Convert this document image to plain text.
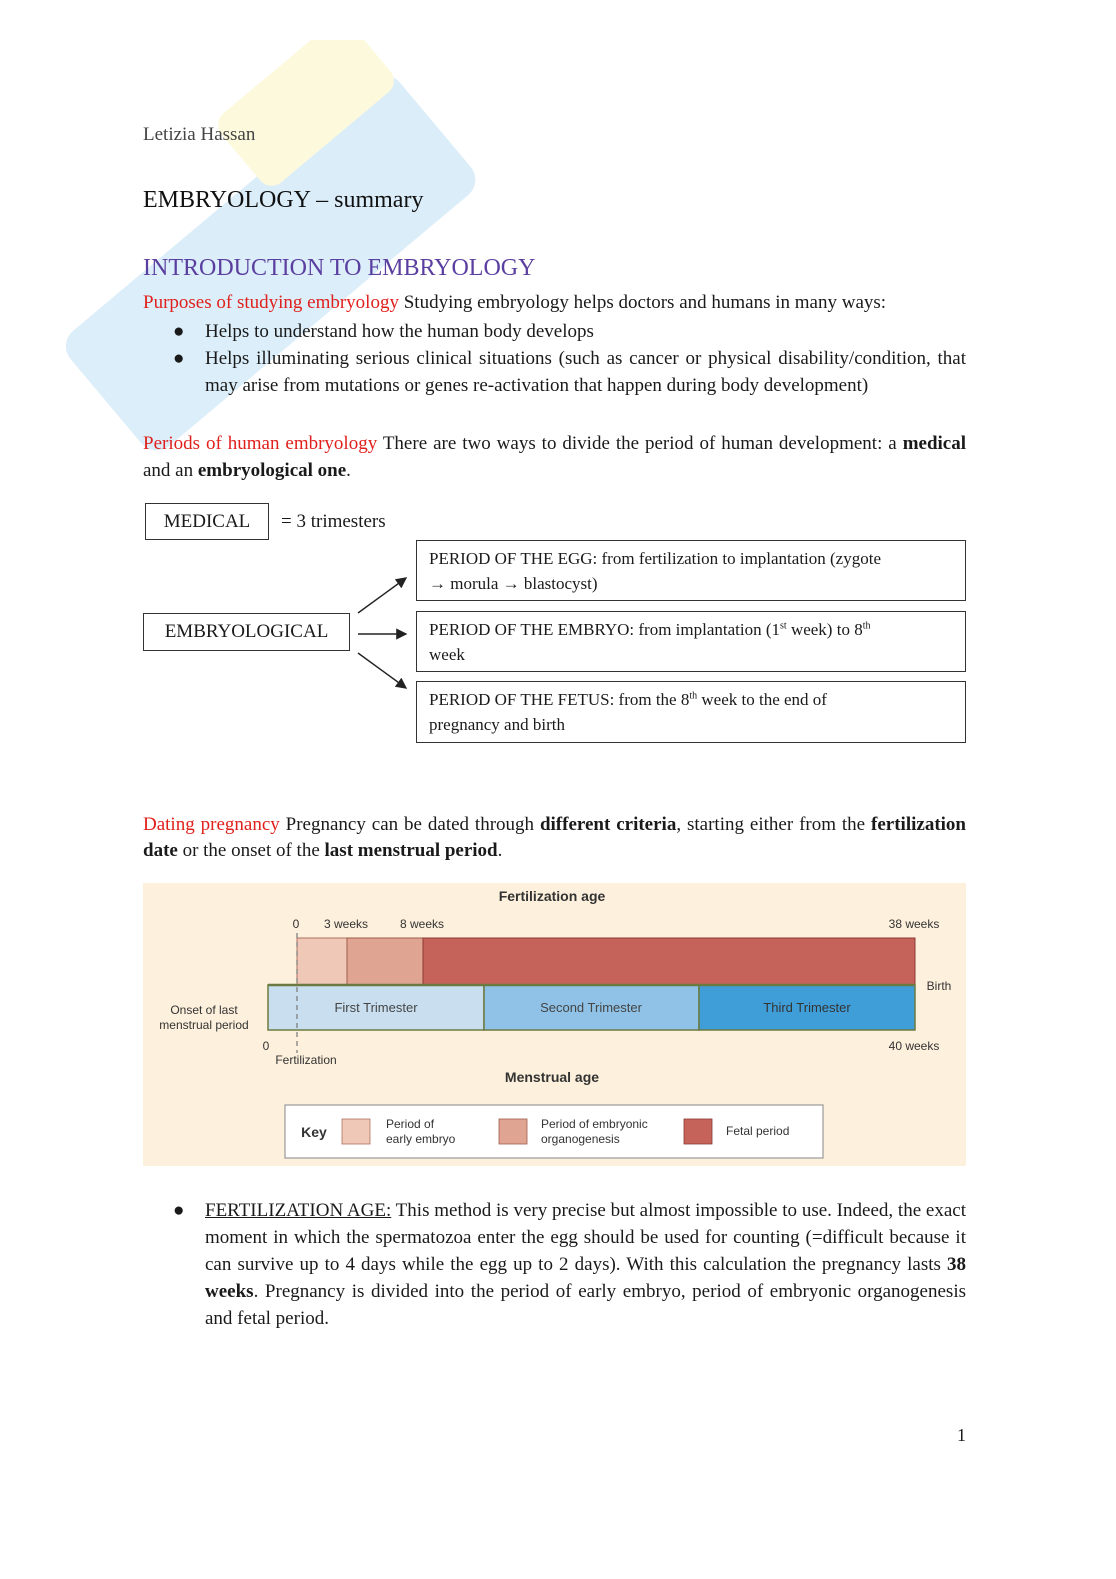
Letizia Hassan
EMBRYOLOGY – summary
INTRODUCTION TO EMBRYOLOGY
Purposes of studying embryology Studying embryology helps doctors and humans in many ways:
● Helps to understand how the human body develops
● Helps illuminating serious clinical situations (such as cancer or physical disability/condition, that may arise from mutations or genes re-activation that happen during body development)
Periods of human embryology There are two ways to divide the period of human development: a medical and an embryological one.
MEDICAL	= 3 trimesters
EMBRYOLOGICAL
PERIOD OF THE EGG: from fertilization to implantation (zygote
→ morula → blastocyst)
PERIOD OF THE EMBRYO: from implantation (1st week) to 8th
week
PERIOD OF THE FETUS: from the 8th week to the end of
pregnancy and birth
Dating pregnancy Pregnancy can be dated through different criteria, starting either from the fertilization date or the onset of the last menstrual period.
Fertilization age
0 3 weeks	8 weeks	38 weeks
First Trimester	Second Trimester	Third Trimester
Birth
Onset of last
menstrual period
0
Fertilization
40 weeks
Menstrual age
Key	Period of
early embryo
Period of embryonic
organogenesis
Fetal period
● FERTILIZATION AGE: This method is very precise but almost impossible to use. Indeed, the exact moment in which the spermatozoa enter the egg should be used for counting (=difficult because it can survive up to 4 days while the egg up to 2 days). With this calculation the pregnancy lasts 38 weeks. Pregnancy is divided into the period of early embryo, period of embryonic organogenesis and fetal period.
1
